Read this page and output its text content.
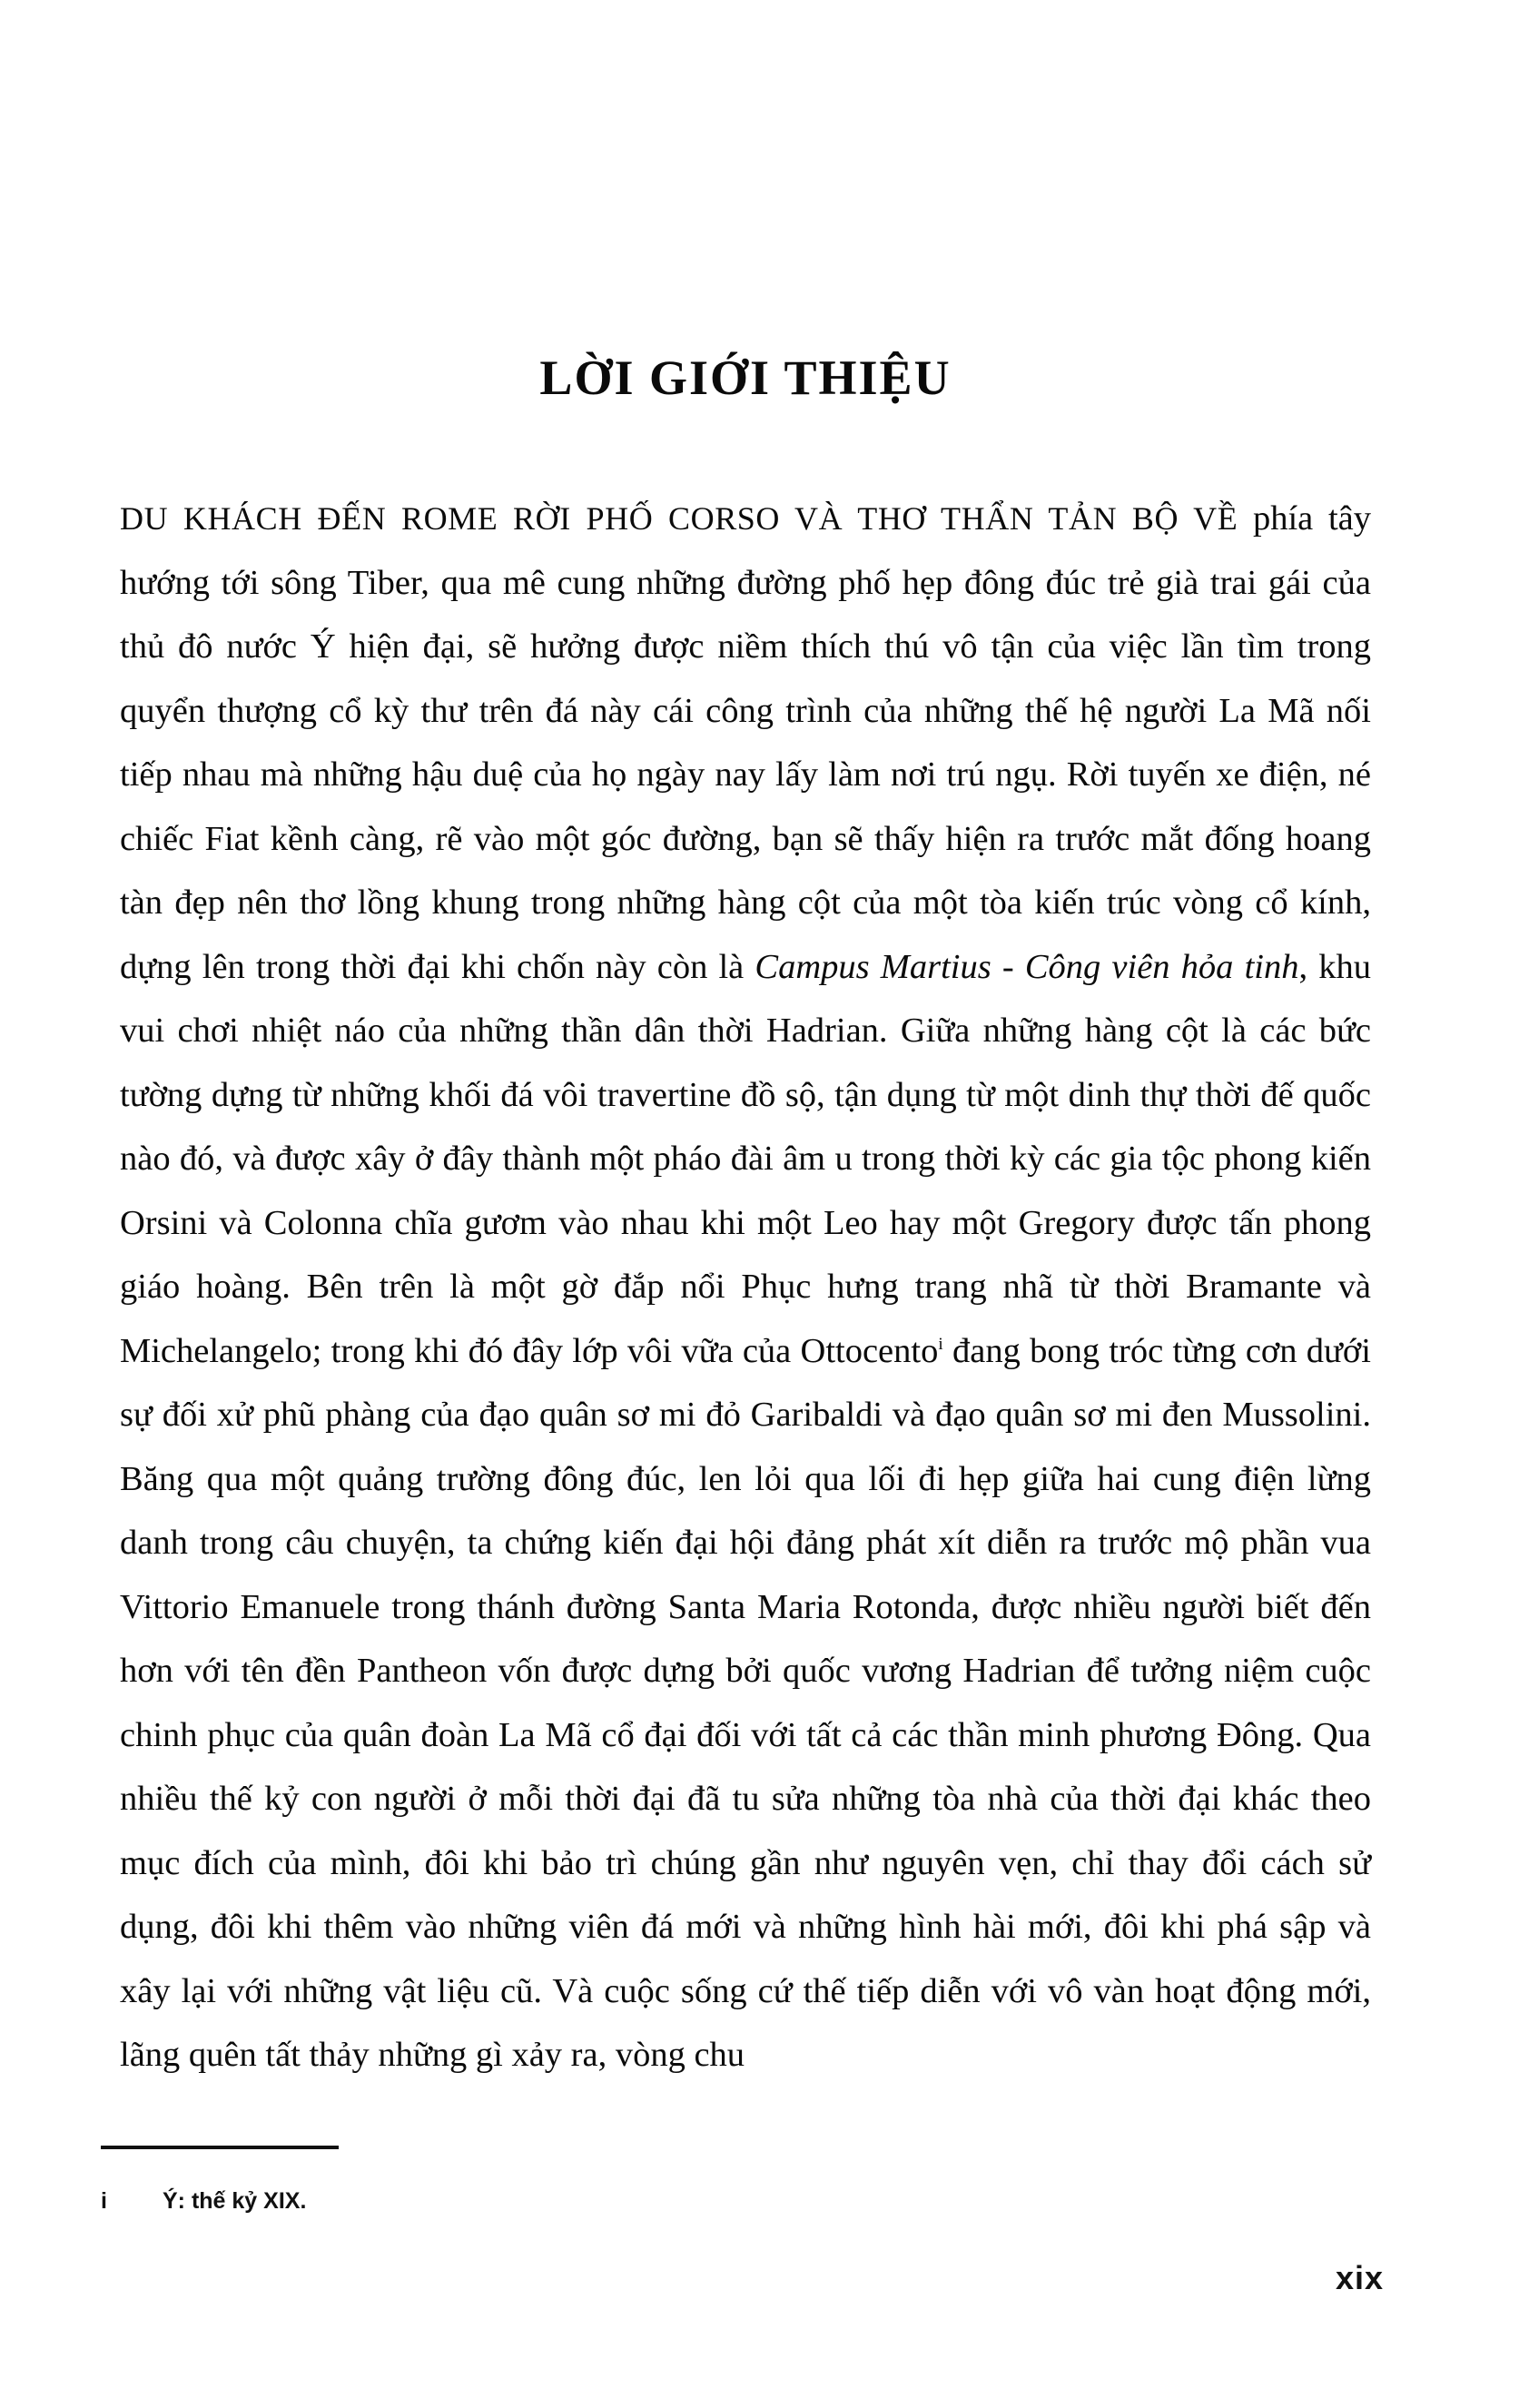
LỜI GIỚI THIỆU

DU KHÁCH ĐẾN ROME RỜI PHỐ CORSO VÀ THƠ THẨN TẢN BỘ VỀ phía tây hướng tới sông Tiber, qua mê cung những đường phố hẹp đông đúc trẻ già trai gái của thủ đô nước Ý hiện đại, sẽ hưởng được niềm thích thú vô tận của việc lần tìm trong quyển thượng cổ kỳ thư trên đá này cái công trình của những thế hệ người La Mã nối tiếp nhau mà những hậu duệ của họ ngày nay lấy làm nơi trú ngụ. Rời tuyến xe điện, né chiếc Fiat kềnh càng, rẽ vào một góc đường, bạn sẽ thấy hiện ra trước mắt đống hoang tàn đẹp nên thơ lồng khung trong những hàng cột của một tòa kiến trúc vòng cổ kính, dựng lên trong thời đại khi chốn này còn là Campus Martius - Công viên hỏa tinh, khu vui chơi nhiệt náo của những thần dân thời Hadrian. Giữa những hàng cột là các bức tường dựng từ những khối đá vôi travertine đồ sộ, tận dụng từ một dinh thự thời đế quốc nào đó, và được xây ở đây thành một pháo đài âm u trong thời kỳ các gia tộc phong kiến Orsini và Colonna chĩa gươm vào nhau khi một Leo hay một Gregory được tấn phong giáo hoàng. Bên trên là một gờ đắp nổi Phục hưng trang nhã từ thời Bramante và Michelangelo; trong khi đó đây lớp vôi vữa của Ottocento$^i$ đang bong tróc từng cơn dưới sự đối xử phũ phàng của đạo quân sơ mi đỏ Garibaldi và đạo quân sơ mi đen Mussolini. Băng qua một quảng trường đông đúc, len lỏi qua lối đi hẹp giữa hai cung điện lừng danh trong câu chuyện, ta chứng kiến đại hội đảng phát xít diễn ra trước mộ phần vua Vittorio Emanuele trong thánh đường Santa Maria Rotonda, được nhiều người biết đến hơn với tên đền Pantheon vốn được dựng bởi quốc vương Hadrian để tưởng niệm cuộc chinh phục của quân đoàn La Mã cổ đại đối với tất cả các thần minh phương Đông. Qua nhiều thế kỷ con người ở mỗi thời đại đã tu sửa những tòa nhà của thời đại khác theo mục đích của mình, đôi khi bảo trì chúng gần như nguyên vẹn, chỉ thay đổi cách sử dụng, đôi khi thêm vào những viên đá mới và những hình hài mới, đôi khi phá sập và xây lại với những vật liệu cũ. Và cuộc sống cứ thế tiếp diễn với vô vàn hoạt động mới, lãng quên tất thảy những gì xảy ra, vòng chu

i	Ý: thế kỷ XIX.
xix
